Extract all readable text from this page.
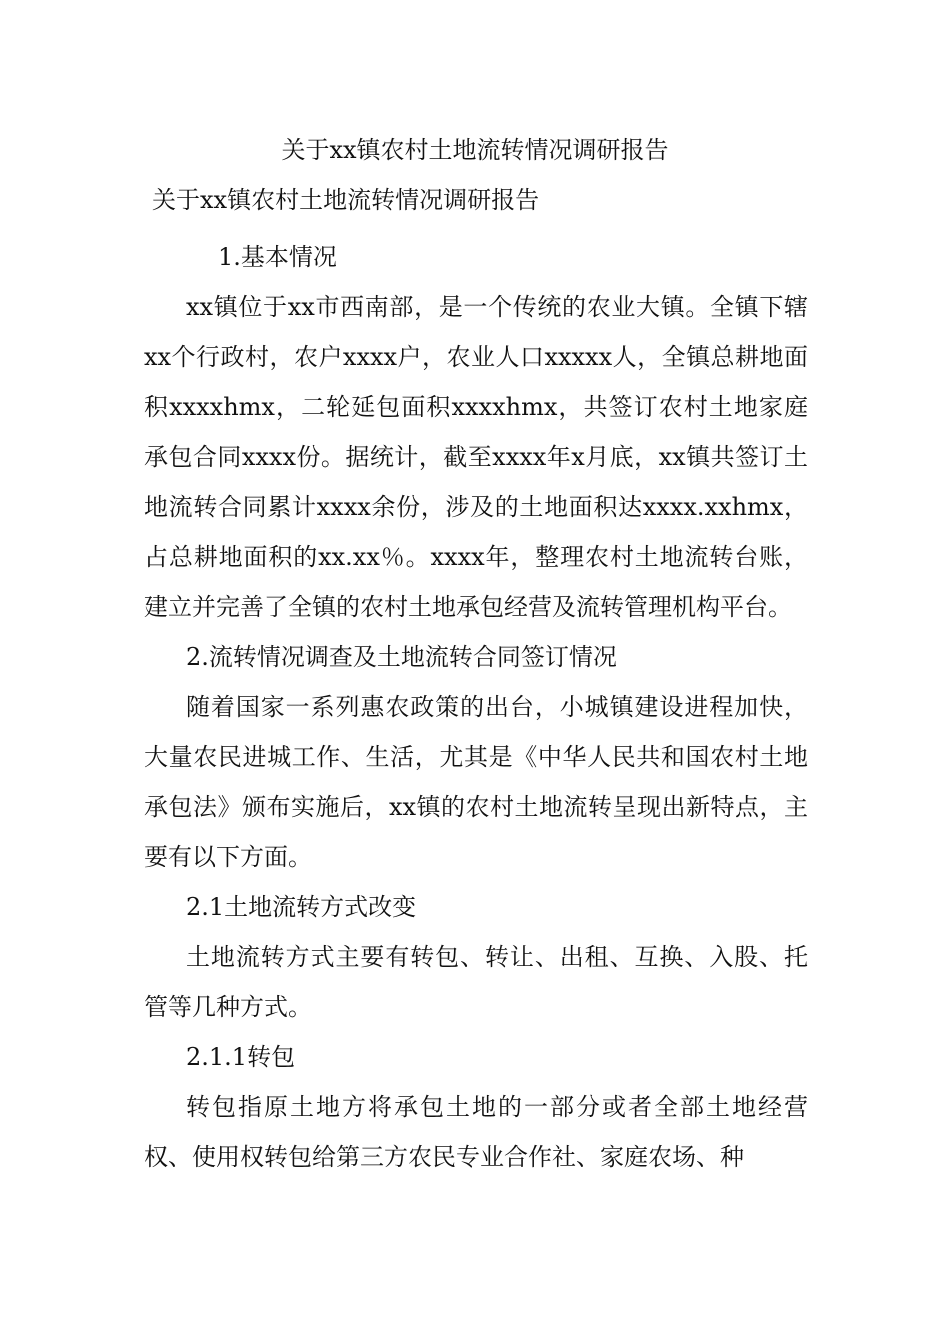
关于xx镇农村土地流转情况调研报告
关于xx镇农村土地流转情况调研报告

1.基本情况

xx镇位于xx市西南部，是一个传统的农业大镇。全镇下辖xx个行政村，农户xxxx户，农业人口xxxxx人，全镇总耕地面积xxxxhmx，二轮延包面积xxxxhmx，共签订农村土地家庭承包合同xxxx份。据统计，截至xxxx年x月底，xx镇共签订土地流转合同累计xxxx余份，涉及的土地面积达xxxx.xxhmx，占总耕地面积的xx.xx％。xxxx年，整理农村土地流转台账，建立并完善了全镇的农村土地承包经营及流转管理机构平台。

2.流转情况调查及土地流转合同签订情况

随着国家一系列惠农政策的出台，小城镇建设进程加快，大量农民进城工作、生活，尤其是《中华人民共和国农村土地承包法》颁布实施后，xx镇的农村土地流转呈现出新特点，主要有以下方面。

2.1土地流转方式改变

土地流转方式主要有转包、转让、出租、互换、入股、托管等几种方式。

2.1.1转包

转包指原土地方将承包土地的一部分或者全部土地经营权、使用权转包给第三方农民专业合作社、家庭农场、种
